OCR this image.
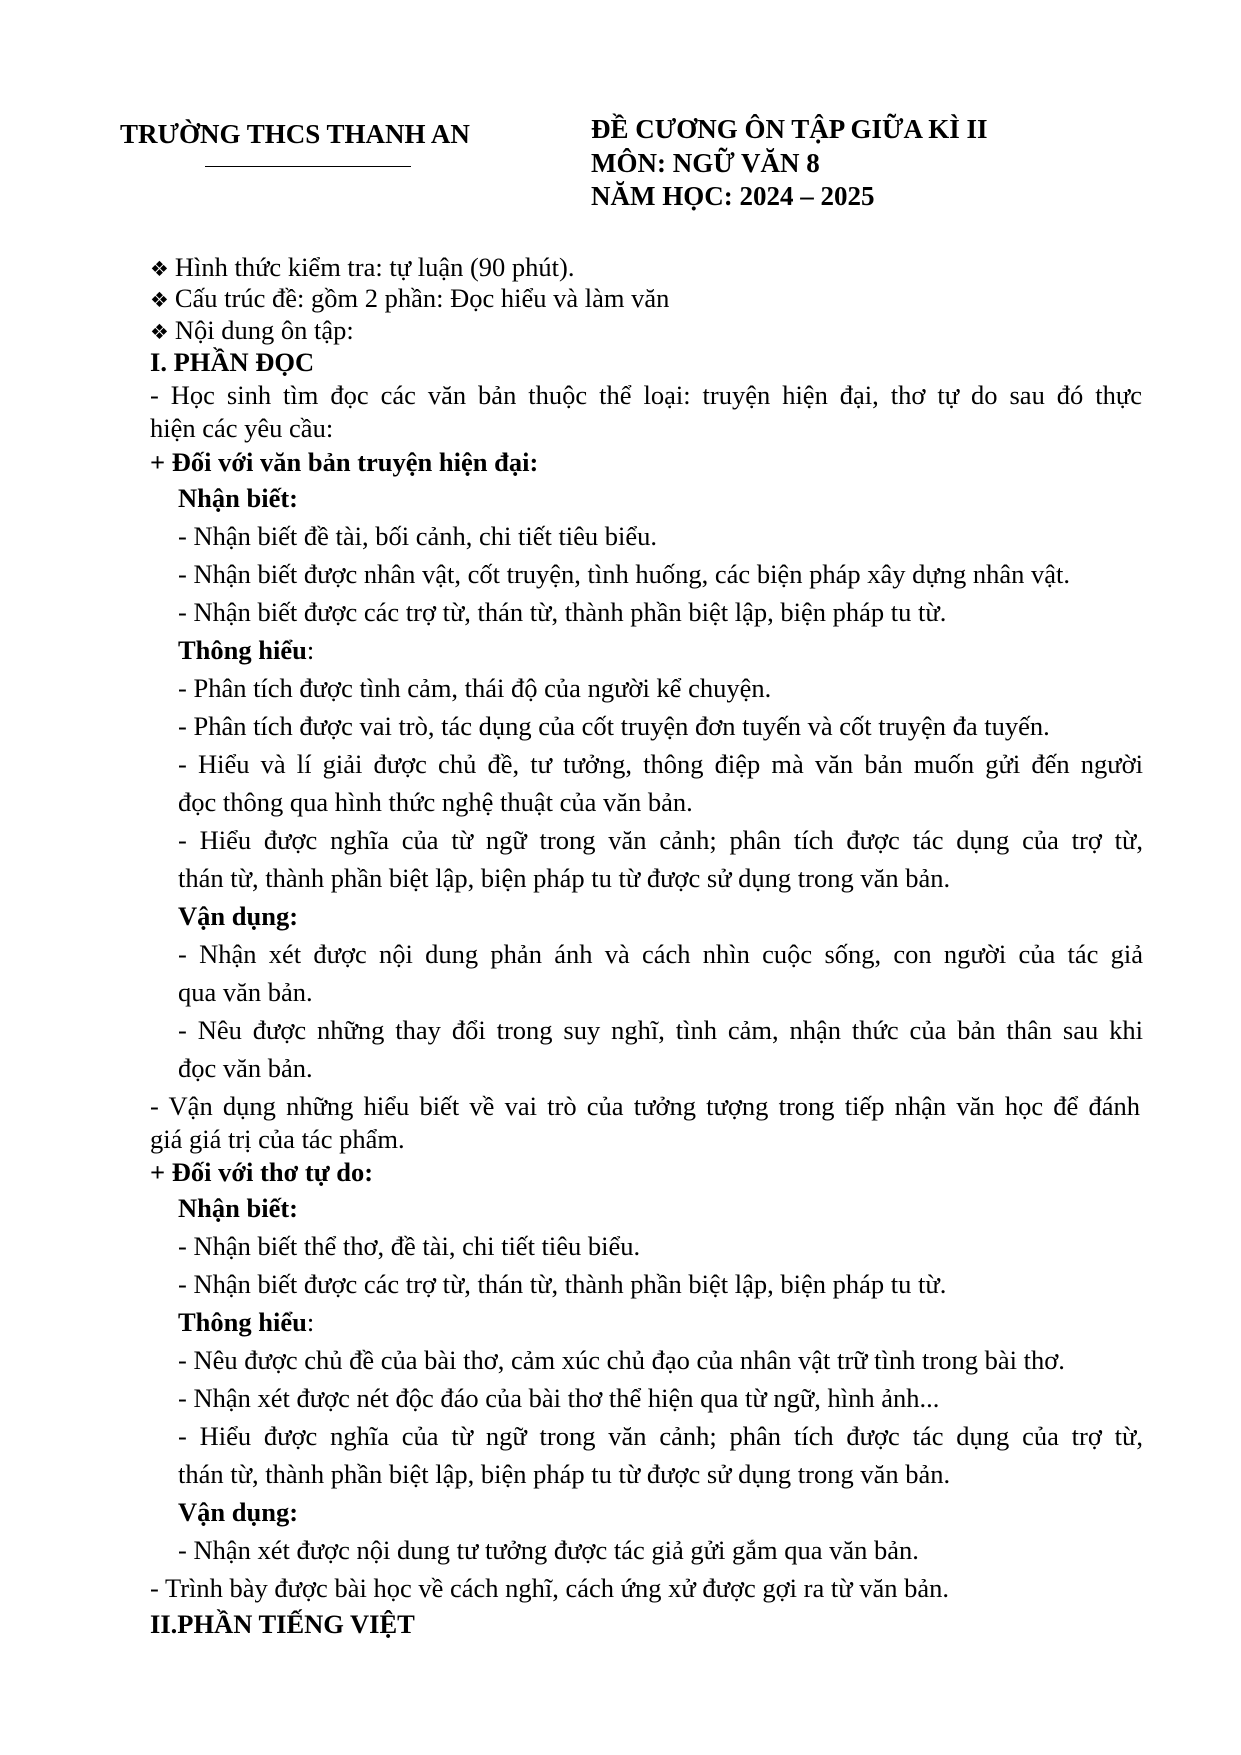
TRƯỜNG THCS THANH AN	ĐỀ CƯƠNG ÔN TẬP GIỮA KÌ II
MÔN: NGỮ VĂN 8
NĂM HỌC: 2024 – 2025
❖ Hình thức kiểm tra: tự luận (90 phút).
❖ Cấu trúc đề: gồm 2 phần: Đọc hiểu và làm văn
❖ Nội dung ôn tập:
I. PHẦN ĐỌC
- Học sinh tìm đọc các văn bản thuộc thể loại: truyện hiện đại, thơ tự do sau đó thực
hiện các yêu cầu:
+ Đối với văn bản truyện hiện đại:
Nhận biết:
- Nhận biết đề tài, bối cảnh, chi tiết tiêu biểu.
- Nhận biết được nhân vật, cốt truyện, tình huống, các biện pháp xây dựng nhân vật.
- Nhận biết được các trợ từ, thán từ, thành phần biệt lập, biện pháp tu từ.
Thông hiểu:
- Phân tích được tình cảm, thái độ của người kể chuyện.
- Phân tích được vai trò, tác dụng của cốt truyện đơn tuyến và cốt truyện đa tuyến.
- Hiểu và lí giải được chủ đề, tư tưởng, thông điệp mà văn bản muốn gửi đến người
đọc thông qua hình thức nghệ thuật của văn bản.
- Hiểu được nghĩa của từ ngữ trong văn cảnh; phân tích được tác dụng của trợ từ,
thán từ, thành phần biệt lập, biện pháp tu từ được sử dụng trong văn bản.
Vận dụng:
- Nhận xét được nội dung phản ánh và cách nhìn cuộc sống, con người của tác giả
qua văn bản.
- Nêu được những thay đổi trong suy nghĩ, tình cảm, nhận thức của bản thân sau khi
đọc văn bản.
- Vận dụng những hiểu biết về vai trò của tưởng tượng trong tiếp nhận văn học để đánh
giá giá trị của tác phẩm.
+ Đối với thơ tự do:
Nhận biết:
- Nhận biết thể thơ, đề tài, chi tiết tiêu biểu.
- Nhận biết được các trợ từ, thán từ, thành phần biệt lập, biện pháp tu từ.
Thông hiểu:
- Nêu được chủ đề của bài thơ, cảm xúc chủ đạo của nhân vật trữ tình trong bài thơ.
- Nhận xét được nét độc đáo của bài thơ thể hiện qua từ ngữ, hình ảnh...
- Hiểu được nghĩa của từ ngữ trong văn cảnh; phân tích được tác dụng của trợ từ,
thán từ, thành phần biệt lập, biện pháp tu từ được sử dụng trong văn bản.
Vận dụng:
- Nhận xét được nội dung tư tưởng được tác giả gửi gắm qua văn bản.
- Trình bày được bài học về cách nghĩ, cách ứng xử được gợi ra từ văn bản.
II.PHẦN TIẾNG VIỆT
